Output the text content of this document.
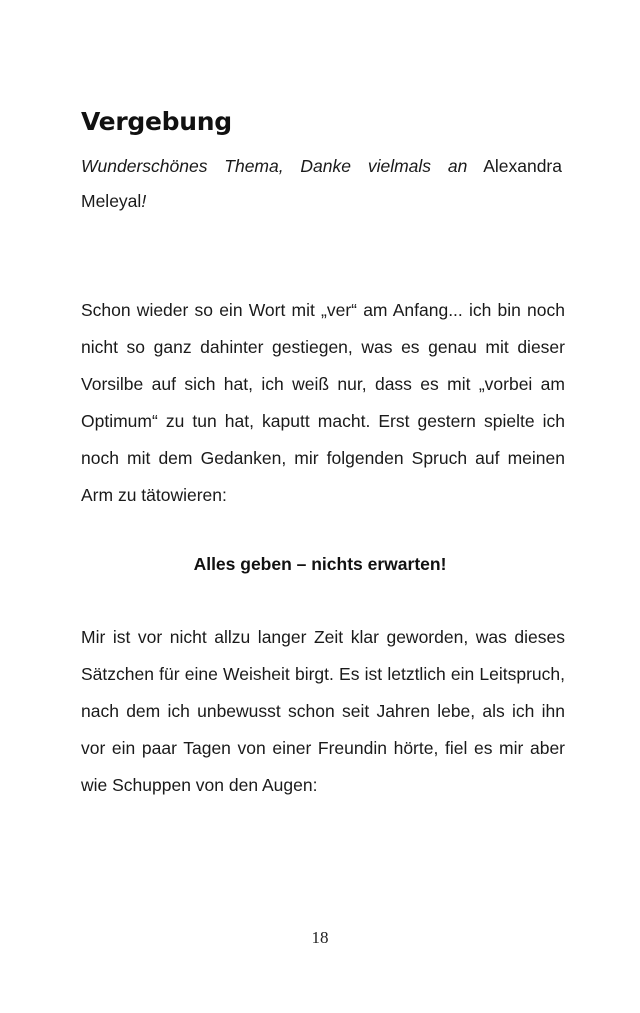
Vergebung

Wunderschönes Thema, Danke vielmals an Alexandra Meleyal!

Schon wieder so ein Wort mit „ver“ am Anfang... ich bin noch nicht so ganz dahinter gestiegen, was es genau mit dieser Vorsilbe auf sich hat, ich weiß nur, dass es mit „vorbei am Optimum“ zu tun hat, kaputt macht. Erst gestern spielte ich noch mit dem Gedanken, mir folgenden Spruch auf meinen Arm zu tätowieren:

Alles geben – nichts erwarten!

Mir ist vor nicht allzu langer Zeit klar geworden, was dieses Sätzchen für eine Weisheit birgt. Es ist letztlich ein Leitspruch, nach dem ich unbewusst schon seit Jahren lebe, als ich ihn vor ein paar Tagen von einer Freundin hörte, fiel es mir aber wie Schuppen von den Augen:

18
